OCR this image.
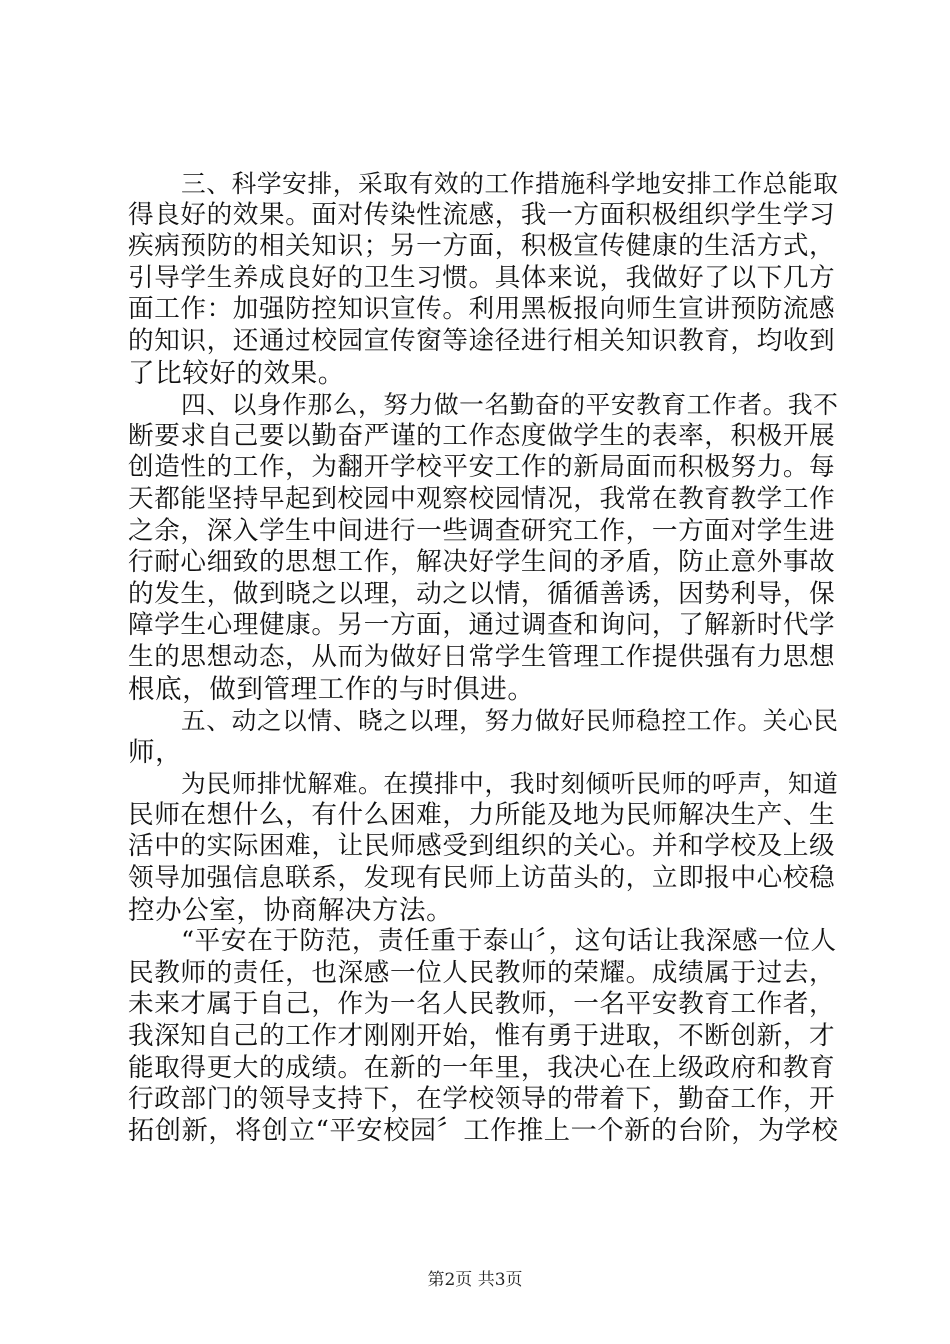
三、科学安排，采取有效的工作措施科学地安排工作总能取
得良好的效果。面对传染性流感，我一方面积极组织学生学习
疾病预防的相关知识；另一方面，积极宣传健康的生活方式，
引导学生养成良好的卫生习惯。具体来说，我做好了以下几方
面工作：加强防控知识宣传。利用黑板报向师生宣讲预防流感
的知识，还通过校园宣传窗等途径进行相关知识教育，均收到
了比较好的效果。
四、以身作那么，努力做一名勤奋的平安教育工作者。我不
断要求自己要以勤奋严谨的工作态度做学生的表率，积极开展
创造性的工作，为翻开学校平安工作的新局面而积极努力。每
天都能坚持早起到校园中观察校园情况，我常在教育教学工作
之余，深入学生中间进行一些调查研究工作，一方面对学生进
行耐心细致的思想工作，解决好学生间的矛盾，防止意外事故
的发生，做到晓之以理，动之以情，循循善诱，因势利导，保
障学生心理健康。另一方面，通过调查和询问，了解新时代学
生的思想动态，从而为做好日常学生管理工作提供强有力思想
根底，做到管理工作的与时俱进。
五、动之以情、晓之以理，努力做好民师稳控工作。关心民
师，
为民师排忧解难。在摸排中，我时刻倾听民师的呼声，知道
民师在想什么，有什么困难，力所能及地为民师解决生产、生
活中的实际困难，让民师感受到组织的关心。并和学校及上级
领导加强信息联系，发现有民师上访苗头的，立即报中心校稳
控办公室，协商解决方法。
“平安在于防范，责任重于泰山〞，这句话让我深感一位人
民教师的责任，也深感一位人民教师的荣耀。成绩属于过去，
未来才属于自己，作为一名人民教师，一名平安教育工作者，
我深知自己的工作才刚刚开始，惟有勇于进取，不断创新，才
能取得更大的成绩。在新的一年里，我决心在上级政府和教育
行政部门的领导支持下，在学校领导的带着下，勤奋工作，开
拓创新，将创立“平安校园〞工作推上一个新的台阶，为学校
第2页 共3页
